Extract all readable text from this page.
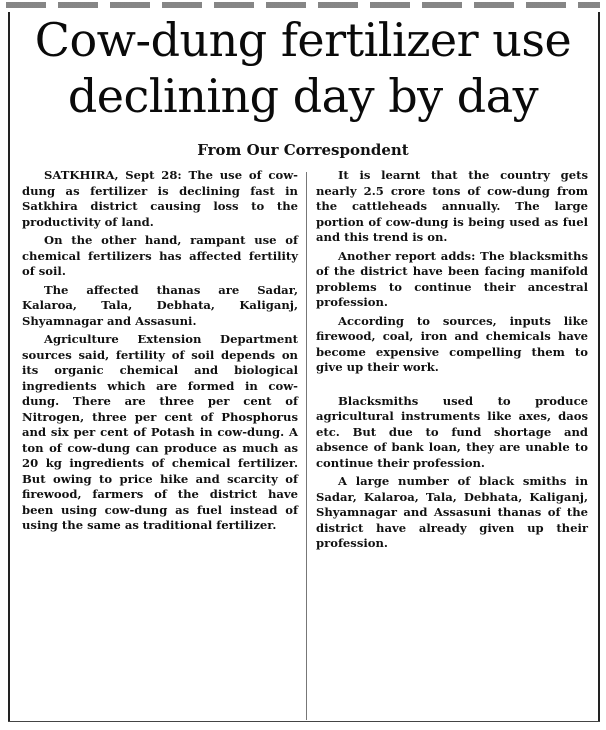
Cow-dung fertilizer use declining day by day
From Our Correspondent

SATKHIRA, Sept 28: The use of cow-dung as fertilizer is declining fast in Satkhira district causing loss to the productivity of land.

On the other hand, rampant use of chemical fertilizers has affected fertility of soil.

The affected thanas are Sadar, Kalaroa, Tala, Debhata, Kaliganj, Shyamnagar and Assasuni.

Agriculture Extension Department sources said, fertility of soil depends on its organic chemical and biological ingredients which are formed in cow-dung. There are three per cent of Nitrogen, three per cent of Phosphorus and six per cent of Potash in cow-dung. A ton of cow-dung can produce as much as 20 kg ingredients of chemical fertilizer. But owing to price hike and scarcity of firewood, farmers of the district have been using cow-dung as fuel instead of using the same as traditional fertilizer.

It is learnt that the country gets nearly 2.5 crore tons of cow-dung from the cattleheads annually. The large portion of cow-dung is being used as fuel and this trend is on.

Another report adds: The blacksmiths of the district have been facing manifold problems to continue their ancestral profession.

According to sources, inputs like firewood, coal, iron and chemicals have become expensive compelling them to give up their work.

Blacksmiths used to produce agricultural instruments like axes, daos etc. But due to fund shortage and absence of bank loan, they are unable to continue their profession.

A large number of black smiths in Sadar, Kalaroa, Tala, Debhata, Kaliganj, Shyamnagar and Assasuni thanas of the district have already given up their profession.
